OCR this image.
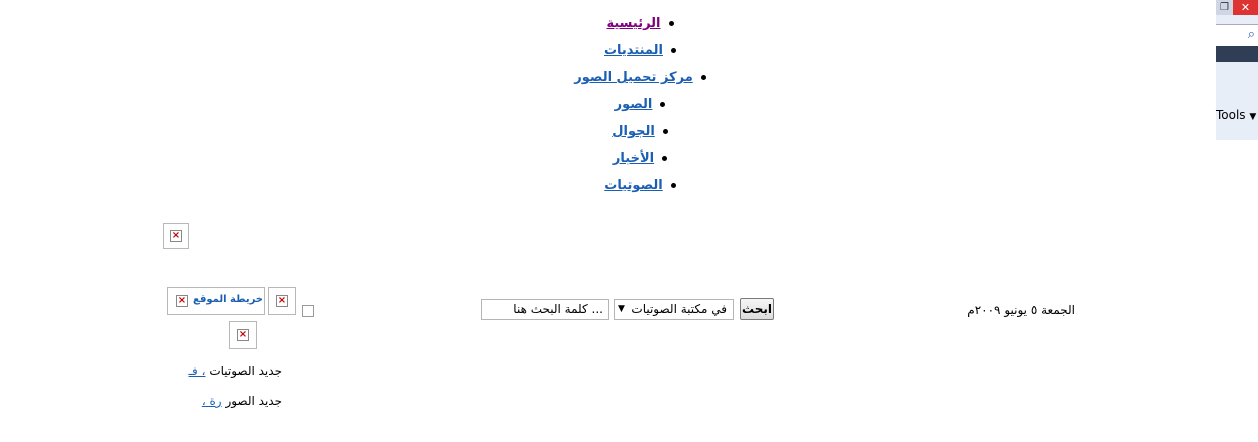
الرئيسية
المنتديات
مركز تحميل الصور
الصور
الجوال
الأخبار
الصوتيات
×
× خريطة الموقع ×
×
... كلمة البحث هنا	في مكتبة الصوتيات
▼	ابحث	الجمعة ٥ يونيو ٢٠٠٩م
جديد الصوتيات ، فـ
جديد الصور رة ،
❐	✕
⌕
Tools ▼
